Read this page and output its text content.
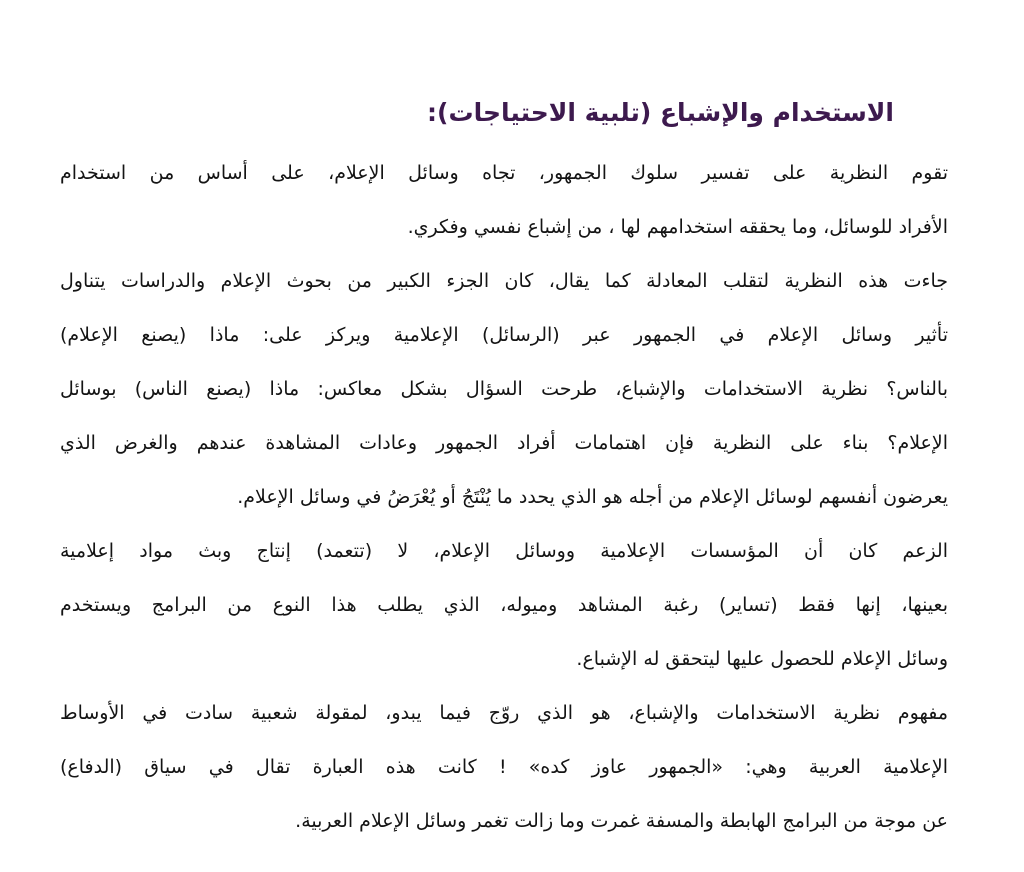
الاستخدام والإشباع (تلبية الاحتياجات):

تقوم النظرية على تفسير سلوك الجمهور، تجاه وسائل الإعلام، على أساس من استخدام
الأفراد للوسائل، وما يحققه استخدامهم لها ، من إشباع نفسي وفكري.

جاءت هذه النظرية لتقلب المعادلة كما يقال، كان الجزء الكبير من بحوث الإعلام والدراسات يتناول
تأثير وسائل الإعلام في الجمهور عبر (الرسائل) الإعلامية ويركز على: ماذا (يصنع الإعلام)
بالناس؟ نظرية الاستخدامات والإشباع، طرحت السؤال بشكل معاكس: ماذا (يصنع الناس) بوسائل
الإعلام؟ بناء على النظرية فإن اهتمامات أفراد الجمهور وعادات المشاهدة عندهم والغرض الذي
يعرضون أنفسهم لوسائل الإعلام من أجله هو الذي يحدد ما يُنْتَجُ أو يُعْرَضُ في وسائل الإعلام.

الزعم كان أن المؤسسات الإعلامية ووسائل الإعلام، لا (تتعمد) إنتاج وبث مواد إعلامية
بعينها، إنها فقط (تساير) رغبة المشاهد وميوله، الذي يطلب هذا النوع من البرامج ويستخدم
وسائل الإعلام للحصول عليها ليتحقق له الإشباع.

مفهوم نظرية الاستخدامات والإشباع، هو الذي روّج فيما يبدو، لمقولة شعبية سادت في الأوساط
الإعلامية العربية وهي: «الجمهور عاوز كده» ! كانت هذه العبارة تقال في سياق (الدفاع)
عن موجة من البرامج الهابطة والمسفة غمرت وما زالت تغمر وسائل الإعلام العربية.
